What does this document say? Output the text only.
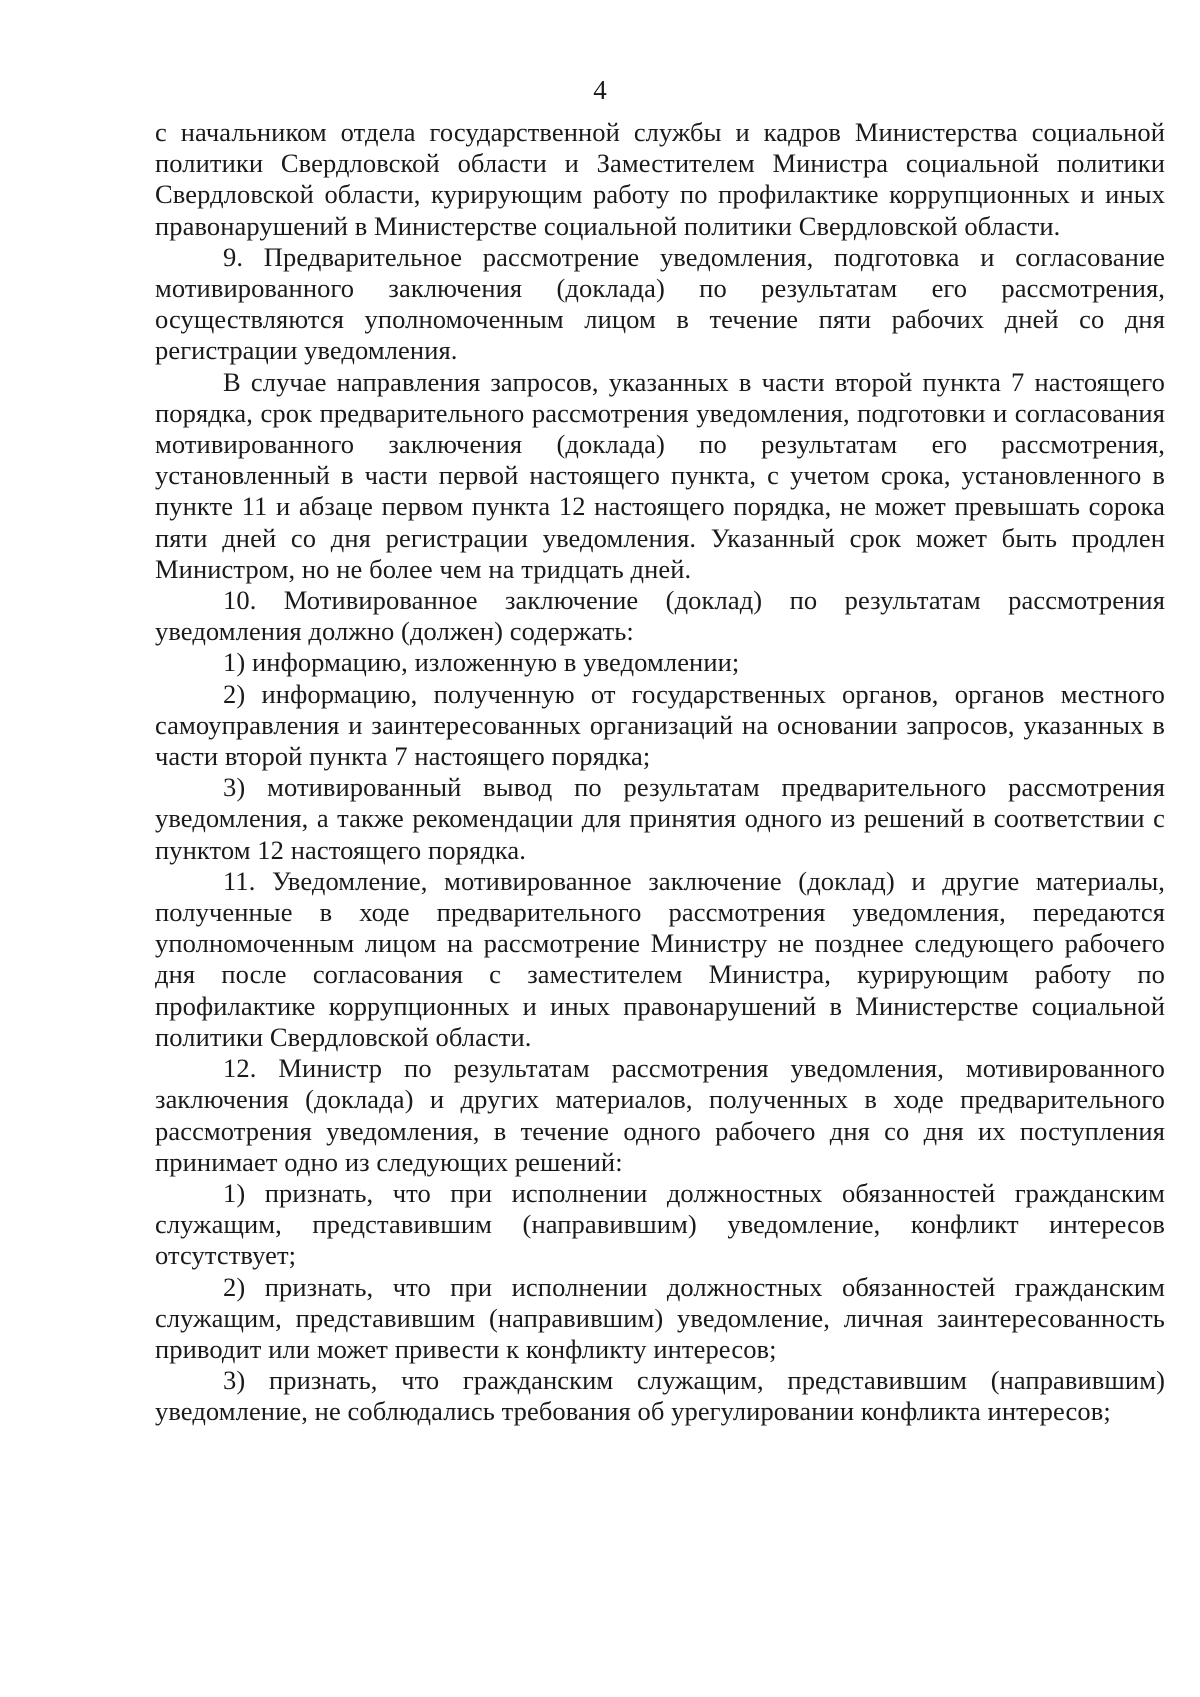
4

с начальником отдела государственной службы и кадров Министерства социальной политики Свердловской области и Заместителем Министра социальной политики Свердловской области, курирующим работу по профилактике коррупционных и иных правонарушений в Министерстве социальной политики Свердловской области.

9. Предварительное рассмотрение уведомления, подготовка и согласование мотивированного заключения (доклада) по результатам его рассмотрения, осуществляются уполномоченным лицом в течение пяти рабочих дней со дня регистрации уведомления.

В случае направления запросов, указанных в части второй пункта 7 настоящего порядка, срок предварительного рассмотрения уведомления, подготовки и согласования мотивированного заключения (доклада) по результатам его рассмотрения, установленный в части первой настоящего пункта, с учетом срока, установленного в пункте 11 и абзаце первом пункта 12 настоящего порядка, не может превышать сорока пяти дней со дня регистрации уведомления. Указанный срок может быть продлен Министром, но не более чем на тридцать дней.

10. Мотивированное заключение (доклад) по результатам рассмотрения уведомления должно (должен) содержать:

1) информацию, изложенную в уведомлении;

2) информацию, полученную от государственных органов, органов местного самоуправления и заинтересованных организаций на основании запросов, указанных в части второй пункта 7 настоящего порядка;

3) мотивированный вывод по результатам предварительного рассмотрения уведомления, а также рекомендации для принятия одного из решений в соответствии с пунктом 12 настоящего порядка.

11. Уведомление, мотивированное заключение (доклад) и другие материалы, полученные в ходе предварительного рассмотрения уведомления, передаются уполномоченным лицом на рассмотрение Министру не позднее следующего рабочего дня после согласования с заместителем Министра, курирующим работу по профилактике коррупционных и иных правонарушений в Министерстве социальной политики Свердловской области.

12. Министр по результатам рассмотрения уведомления, мотивированного заключения (доклада) и других материалов, полученных в ходе предварительного рассмотрения уведомления, в течение одного рабочего дня со дня их поступления принимает одно из следующих решений:

1) признать, что при исполнении должностных обязанностей гражданским служащим, представившим (направившим) уведомление, конфликт интересов отсутствует;

2) признать, что при исполнении должностных обязанностей гражданским служащим, представившим (направившим) уведомление, личная заинтересованность приводит или может привести к конфликту интересов;

3) признать, что гражданским служащим, представившим (направившим) уведомление, не соблюдались требования об урегулировании конфликта интересов;
